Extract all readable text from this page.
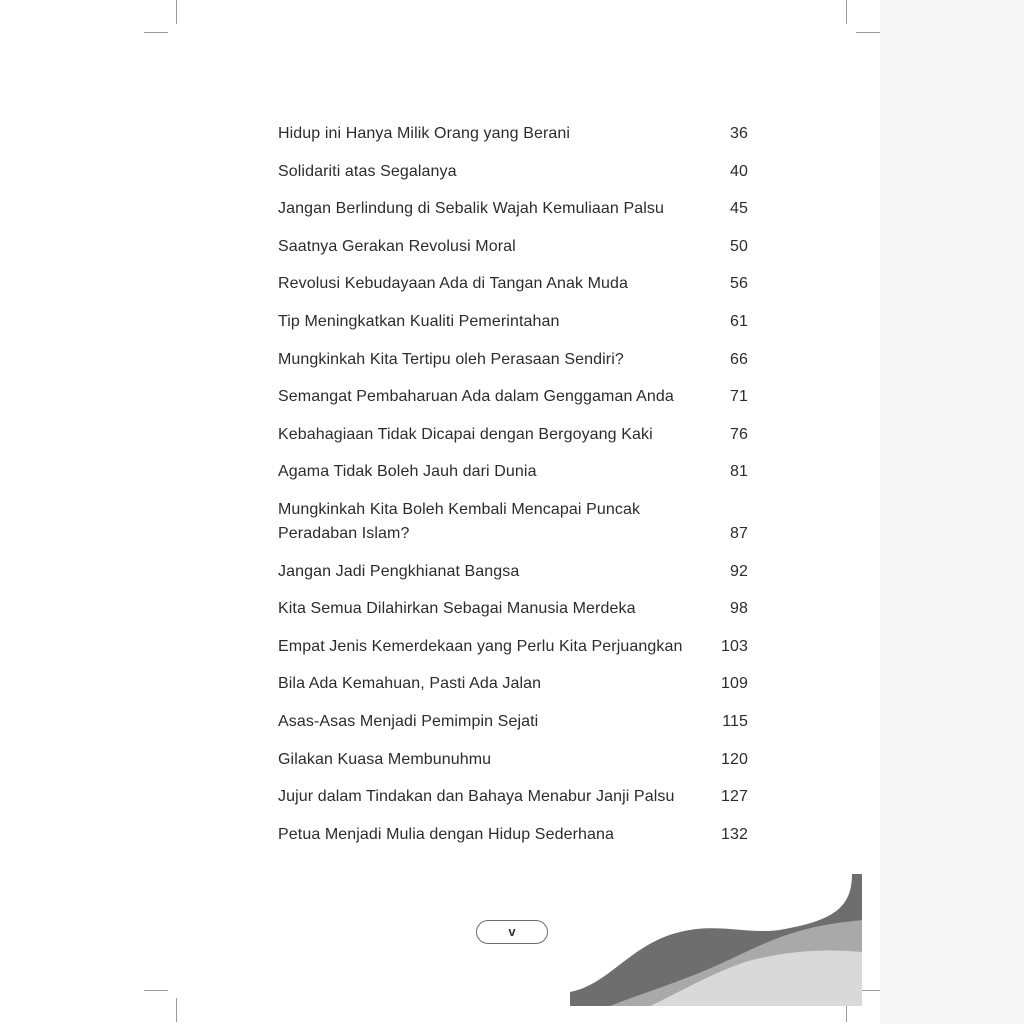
Hidup ini Hanya Milik Orang yang Berani	36
Solidariti atas Segalanya	40
Jangan Berlindung di Sebalik Wajah Kemuliaan Palsu	45
Saatnya Gerakan Revolusi Moral	50
Revolusi Kebudayaan Ada di Tangan Anak Muda	56
Tip Meningkatkan Kualiti Pemerintahan	61
Mungkinkah Kita Tertipu oleh Perasaan Sendiri?	66
Semangat Pembaharuan Ada dalam Genggaman Anda	71
Kebahagiaan Tidak Dicapai dengan Bergoyang Kaki	76
Agama Tidak Boleh Jauh dari Dunia	81
Mungkinkah Kita Boleh Kembali Mencapai Puncak Peradaban Islam?	87
Jangan Jadi Pengkhianat Bangsa	92
Kita Semua Dilahirkan Sebagai Manusia Merdeka	98
Empat Jenis Kemerdekaan yang Perlu Kita Perjuangkan	103
Bila Ada Kemahuan, Pasti Ada Jalan	109
Asas-Asas Menjadi Pemimpin Sejati	115
Gilakan Kuasa Membunuhmu	120
Jujur dalam Tindakan dan Bahaya Menabur Janji Palsu	127
Petua Menjadi Mulia dengan Hidup Sederhana	132
v
